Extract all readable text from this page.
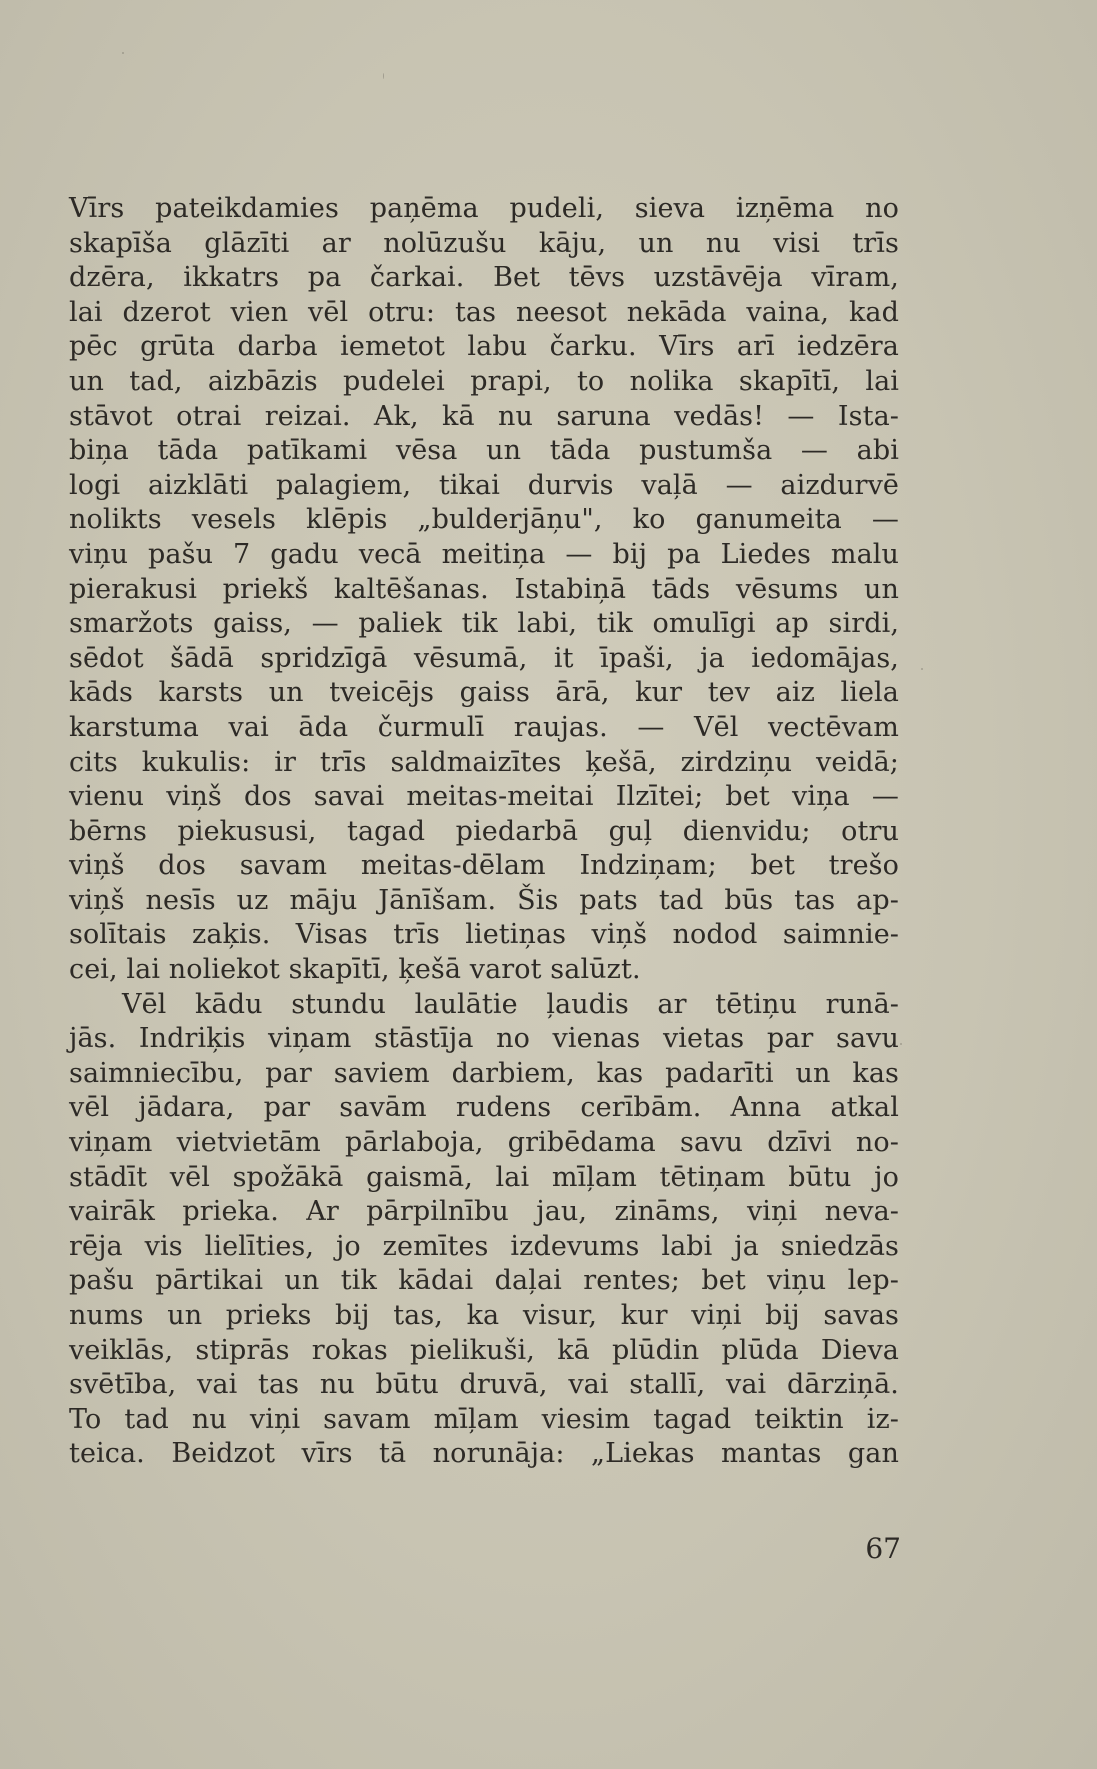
Vīrs pateikdamies paņēma pudeli, sieva izņēma no
skapīša glāzīti ar nolūzušu kāju, un nu visi trīs
dzēra, ikkatrs pa čarkai. Bet tēvs uzstāvēja vīram,
lai dzerot vien vēl otru: tas neesot nekāda vaina, kad
pēc grūta darba iemetot labu čarku. Vīrs arī iedzēra
un tad, aizbāzis pudelei prapi, to nolika skapītī, lai
stāvot otrai reizai. Ak, kā nu saruna vedās! — Ista-
biņa tāda patīkami vēsa un tāda pustumša — abi
logi aizklāti palagiem, tikai durvis vaļā — aizdurvē
nolikts vesels klēpis „bulderjāņu", ko ganumeita —
viņu pašu 7 gadu vecā meitiņa — bij pa Liedes malu
pierakusi priekš kaltēšanas. Istabiņā tāds vēsums un
smaržots gaiss, — paliek tik labi, tik omulīgi ap sirdi,
sēdot šādā spridzīgā vēsumā, it īpaši, ja iedomājas,
kāds karsts un tveicējs gaiss ārā, kur tev aiz liela
karstuma vai āda čurmulī raujas. — Vēl vectēvam
cits kukulis: ir trīs saldmaizītes ķešā, zirdziņu veidā;
vienu viņš dos savai meitas-meitai Ilzītei; bet viņa —
bērns piekususi, tagad piedarbā guļ dienvidu; otru
viņš dos savam meitas-dēlam Indziņam; bet trešo
viņš nesīs uz māju Jānīšam. Šis pats tad būs tas ap-
solītais zaķis. Visas trīs lietiņas viņš nodod saimnie-
cei, lai noliekot skapītī, ķešā varot salūzt.
Vēl kādu stundu laulātie ļaudis ar tētiņu runā-
jās. Indriķis viņam stāstīja no vienas vietas par savu
saimniecību, par saviem darbiem, kas padarīti un kas
vēl jādara, par savām rudens cerībām. Anna atkal
viņam vietvietām pārlaboja, gribēdama savu dzīvi no-
stādīt vēl spožākā gaismā, lai mīļam tētiņam būtu jo
vairāk prieka. Ar pārpilnību jau, zināms, viņi neva-
rēja vis lielīties, jo zemītes izdevums labi ja sniedzās
pašu pārtikai un tik kādai daļai rentes; bet viņu lep-
nums un prieks bij tas, ka visur, kur viņi bij savas
veiklās, stiprās rokas pielikuši, kā plūdin plūda Dieva
svētība, vai tas nu būtu druvā, vai stallī, vai dārziņā.
To tad nu viņi savam mīļam viesim tagad teiktin iz-
teica. Beidzot vīrs tā norunāja: „Liekas mantas gan
67
